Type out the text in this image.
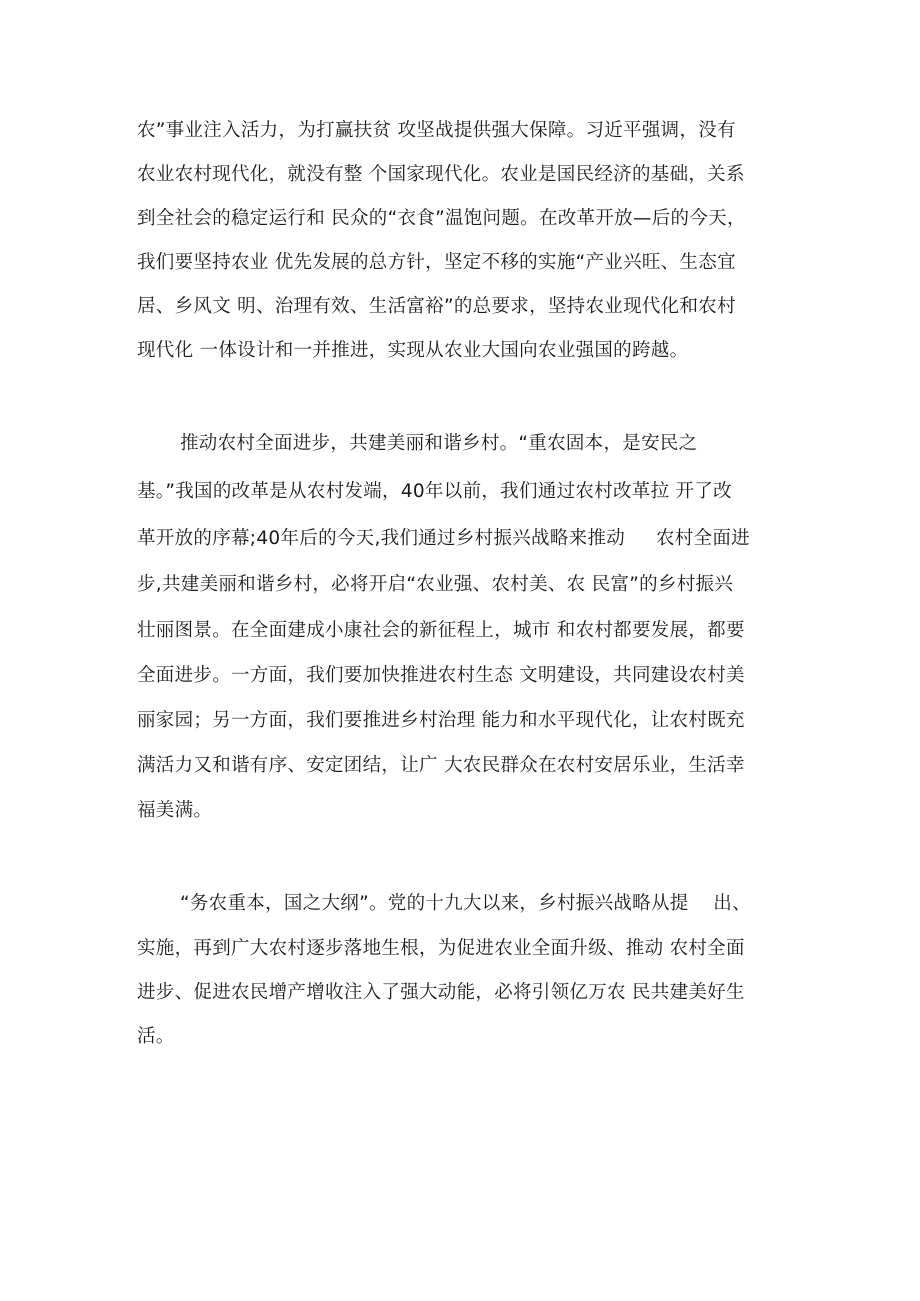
农”事业注入活力，为打赢扶贫 攻坚战提供强大保障。习近平强调，没有
农业农村现代化，就没有整 个国家现代化。农业是国民经济的基础，关系
到全社会的稳定运行和 民众的“衣食”温饱问题。在改革开放—后的今天，
我们要坚持农业 优先发展的总方针，坚定不移的实施“产业兴旺、生态宜
居、乡风文 明、治理有效、生活富裕”的总要求，坚持农业现代化和农村
现代化 一体设计和一并推进，实现从农业大国向农业强国的跨越。
推动农村全面进步，共建美丽和谐乡村。“重农固本，是安民之
基。”我国的改革是从农村发端，40年以前，我们通过农村改革拉 开了改
革开放的序幕;40年后的今天,我们通过乡村振兴战略来推动     农村全面进
步,共建美丽和谐乡村，必将开启“农业强、农村美、农 民富”的乡村振兴
壮丽图景。在全面建成小康社会的新征程上，城市 和农村都要发展，都要
全面进步。一方面，我们要加快推进农村生态 文明建设，共同建设农村美
丽家园；另一方面，我们要推进乡村治理 能力和水平现代化，让农村既充
满活力又和谐有序、安定团结，让广 大农民群众在农村安居乐业，生活幸
福美满。
“务农重本，国之大纲”。党的十九大以来，乡村振兴战略从提    出、
实施，再到广大农村逐步落地生根，为促进农业全面升级、推动 农村全面
进步、促进农民增产增收注入了强大动能，必将引领亿万农 民共建美好生
活。
